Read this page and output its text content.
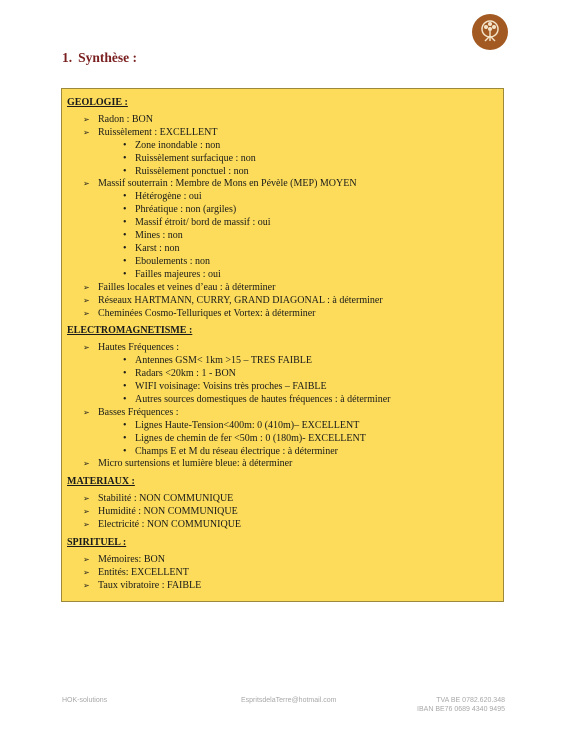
1. Synthèse :
GEOLOGIE :
➢ Radon : BON
➢ Ruissèlement : EXCELLENT
• Zone inondable : non
• Ruissèlement surfacique : non
• Ruissèlement ponctuel : non
➢ Massif souterrain : Membre de Mons en Pévèle (MEP) MOYEN
• Hétérogène : oui
• Phréatique : non (argiles)
• Massif étroit/ bord de massif : oui
• Mines : non
• Karst : non
• Eboulements : non
• Failles majeures : oui
➢ Failles locales et veines d’eau : à déterminer
➢ Réseaux HARTMANN, CURRY, GRAND DIAGONAL : à déterminer
➢ Cheminées Cosmo-Telluriques et Vortex: à déterminer
ELECTROMAGNETISME :
➢ Hautes Fréquences :
• Antennes GSM< 1km >15 – TRES FAIBLE
• Radars <20km : 1 - BON
• WIFI voisinage: Voisins très proches – FAIBLE
• Autres sources domestiques de hautes fréquences : à déterminer
➢ Basses Fréquences :
• Lignes Haute-Tension<400m: 0 (410m)– EXCELLENT
• Lignes de chemin de fer <50m : 0 (180m)- EXCELLENT
• Champs E et M du réseau électrique : à déterminer
➢ Micro surtensions et lumière bleue: à déterminer
MATERIAUX :
➢ Stabilité : NON COMMUNIQUE
➢ Humidité : NON COMMUNIQUE
➢ Electricité : NON COMMUNIQUE
SPIRITUEL :
➢ Mémoires: BON
➢ Entités: EXCELLENT
➢ Taux vibratoire : FAIBLE
HOK-solutions	EspritsdelaTerre@hotmail.com	TVA BE 0782.620.348
IBAN BE76 0689 4340 9495
